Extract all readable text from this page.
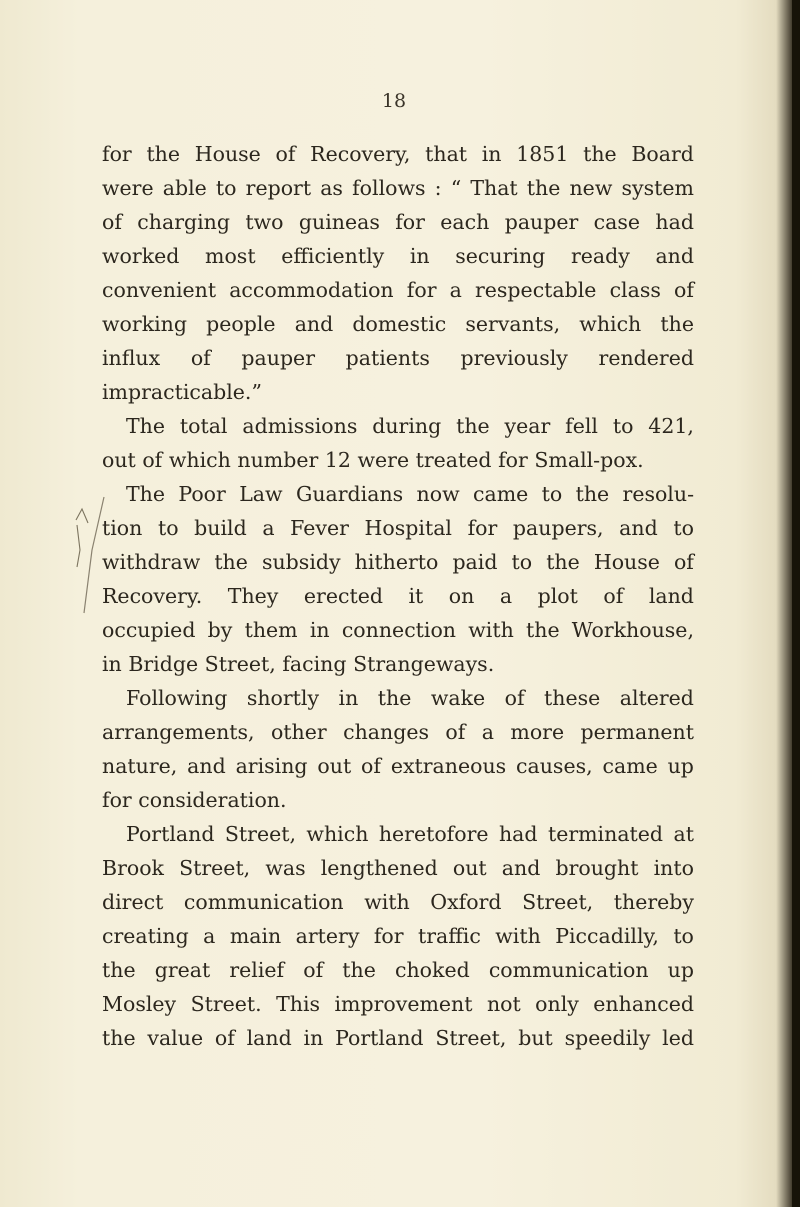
18
for the House of Recovery, that in 1851 the Board
were able to report as follows : “ That the new system
of charging two guineas for each pauper case had
worked most efficiently in securing ready and
convenient accommodation for a respectable class of
working people and domestic servants, which the
influx of pauper patients previously rendered
impracticable.”
The total admissions during the year fell to 421,
out of which number 12 were treated for Small-pox.
The Poor Law Guardians now came to the resolu-
tion to build a Fever Hospital for paupers, and to
withdraw the subsidy hitherto paid to the House of
Recovery. They erected it on a plot of land
occupied by them in connection with the Workhouse,
in Bridge Street, facing Strangeways.
Following shortly in the wake of these altered
arrangements, other changes of a more permanent
nature, and arising out of extraneous causes, came up
for consideration.
Portland Street, which heretofore had terminated at
Brook Street, was lengthened out and brought into
direct communication with Oxford Street, thereby
creating a main artery for traffic with Piccadilly, to
the great relief of the choked communication up
Mosley Street. This improvement not only enhanced
the value of land in Portland Street, but speedily led
